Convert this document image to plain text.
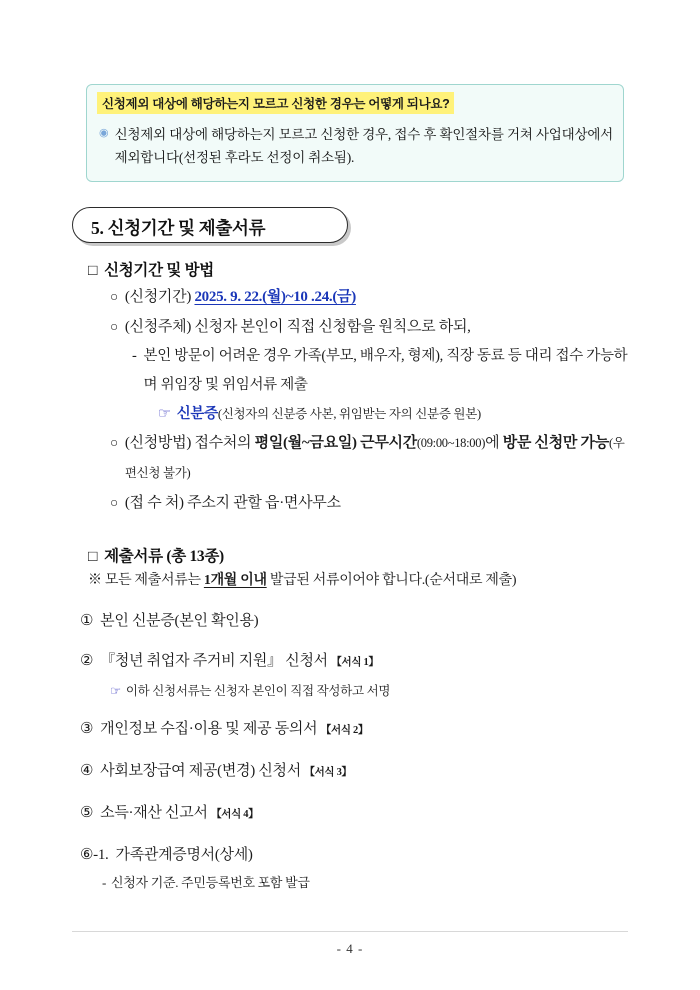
신청제외 대상에 해당하는지 모르고 신청한 경우는 어떻게 되나요?
◉ 신청제외 대상에 해당하는지 모르고 신청한 경우, 접수 후 확인절차를 거쳐 사업대상에서 제외합니다(선정된 후라도 선정이 취소됨).
5. 신청기간 및 제출서류
□ 신청기간 및 방법
○ (신청기간) 2025. 9. 22.(월)~10 .24.(금)
○ (신청주체) 신청자 본인이 직접 신청함을 원칙으로 하되,
- 본인 방문이 어려운 경우 가족(부모, 배우자, 형제), 직장 동료 등 대리 접수 가능하며 위임장 및 위임서류 제출
☞ 신분증(신청자의 신분증 사본, 위임받는 자의 신분증 원본)
○ (신청방법) 접수처의 평일(월~금요일) 근무시간(09:00~18:00)에 방문 신청만 가능(우편신청 불가)
○ (접 수 처) 주소지 관할 읍·면사무소
□ 제출서류 (총 13종)
※ 모든 제출서류는 1개월 이내 발급된 서류이어야 합니다.(순서대로 제출)
① 본인 신분증(본인 확인용)
② 『청년 취업자 주거비 지원』 신청서 【서식 1】
☞ 이하 신청서류는 신청자 본인이 직접 작성하고 서명
③ 개인정보 수집·이용 및 제공 동의서 【서식 2】
④ 사회보장급여 제공(변경) 신청서 【서식 3】
⑤ 소득·재산 신고서 【서식 4】
⑥-1. 가족관계증명서(상세)
- 신청자 기준. 주민등록번호 포함 발급
- 4 -
